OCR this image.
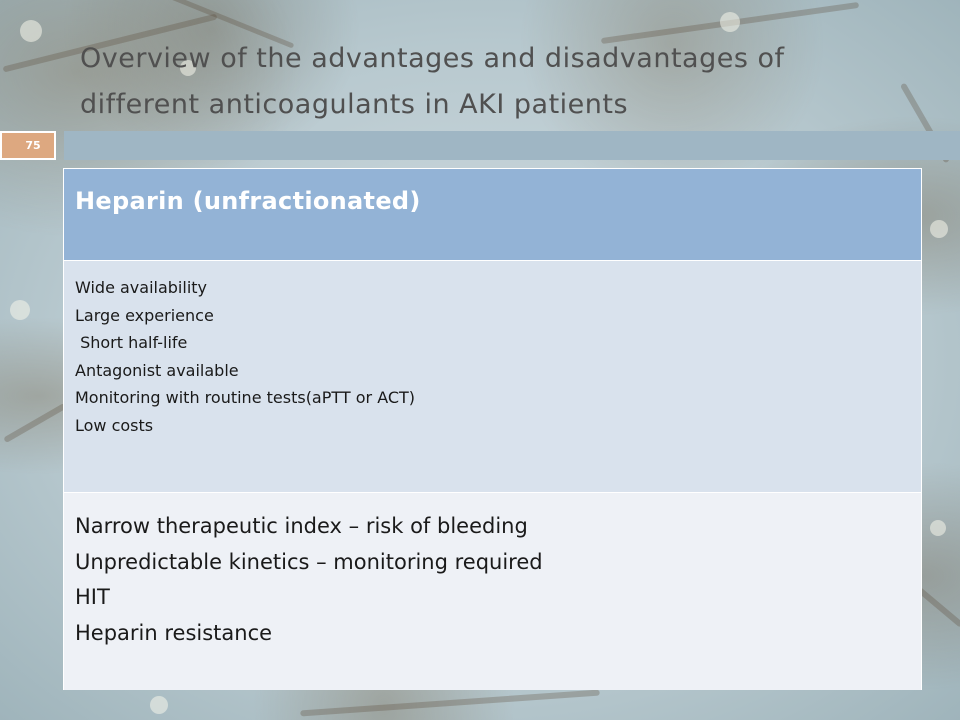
Overview of the advantages and disadvantages of different anticoagulants in AKI patients
75
Heparin (unfractionated)
Wide availability
Large experience
Short half-life
Antagonist available
Monitoring with routine tests(aPTT or ACT)
Low costs
Narrow therapeutic index – risk of bleeding
Unpredictable kinetics – monitoring required
HIT
Heparin resistance
